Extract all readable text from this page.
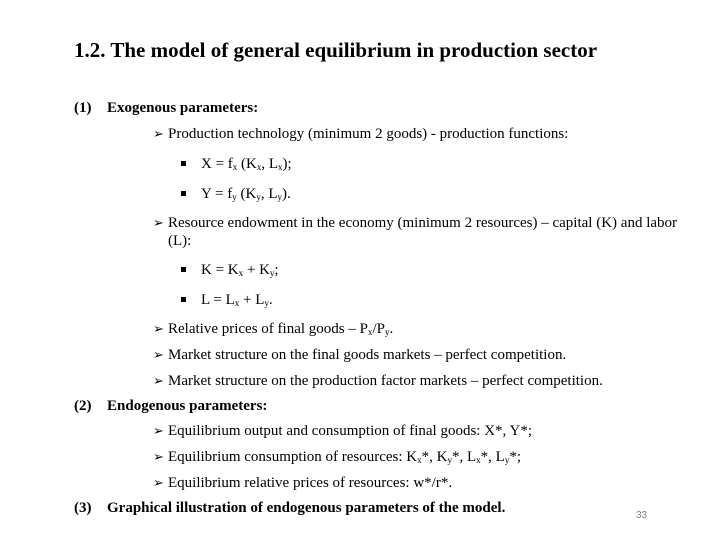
1.2. The model of general equilibrium in production sector

(1) Exogenous parameters:

➢ Production technology (minimum 2 goods) - production functions:

$X = f_x$ ($K_x$, $L_x$);

$Y = f_y$ ($K_y$, $L_y$).

➢ Resource endowment in the economy (minimum 2 resources) – capital (K) and labor (L):

$K = K_x + K_y$;

$L = L_x + L_y$.

➢ Relative prices of final goods – $P_x/P_y$.

➢ Market structure on the final goods markets – perfect competition.

➢ Market structure on the production factor markets – perfect competition.

(2) Endogenous parameters:

➢ Equilibrium output and consumption of final goods: X*, Y*;

➢ Equilibrium consumption of resources: $K_x*$, $K_y*$, $L_x*$, $L_y*$;

➢ Equilibrium relative prices of resources: w*/r*.

(3) Graphical illustration of endogenous parameters of the model.	33
